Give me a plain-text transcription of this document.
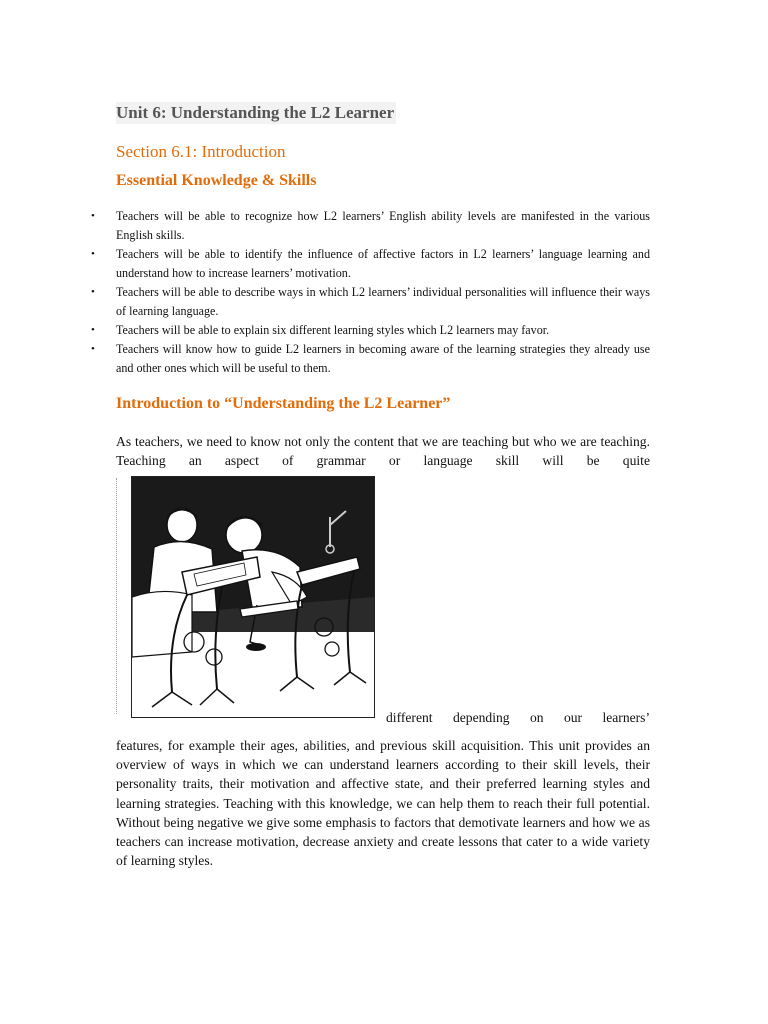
Unit 6: Understanding the L2 Learner
Section 6.1: Introduction
Essential Knowledge & Skills
• Teachers will be able to recognize how L2 learners’ English ability levels are manifested in the various English skills.
• Teachers will be able to identify the influence of affective factors in L2 learners’ language learning and understand how to increase learners’ motivation.
• Teachers will be able to describe ways in which L2 learners’ individual personalities will influence their ways of learning language.
• Teachers will be able to explain six different learning styles which L2 learners may favor.
• Teachers will know how to guide L2 learners in becoming aware of the learning strategies they already use and other ones which will be useful to them.
Introduction to “Understanding the L2 Learner”
As teachers, we need to know not only the content that we are teaching but who we are teaching. Teaching an aspect of grammar or language skill will be quite
different depending on our learners’
features, for example their ages, abilities, and previous skill acquisition. This unit provides an overview of ways in which we can understand learners according to their skill levels, their personality traits, their motivation and affective state, and their preferred learning styles and learning strategies. Teaching with this knowledge, we can help them to reach their full potential. Without being negative we give some emphasis to factors that demotivate learners and how we as teachers can increase motivation, decrease anxiety and create lessons that cater to a wide variety of learning styles.
